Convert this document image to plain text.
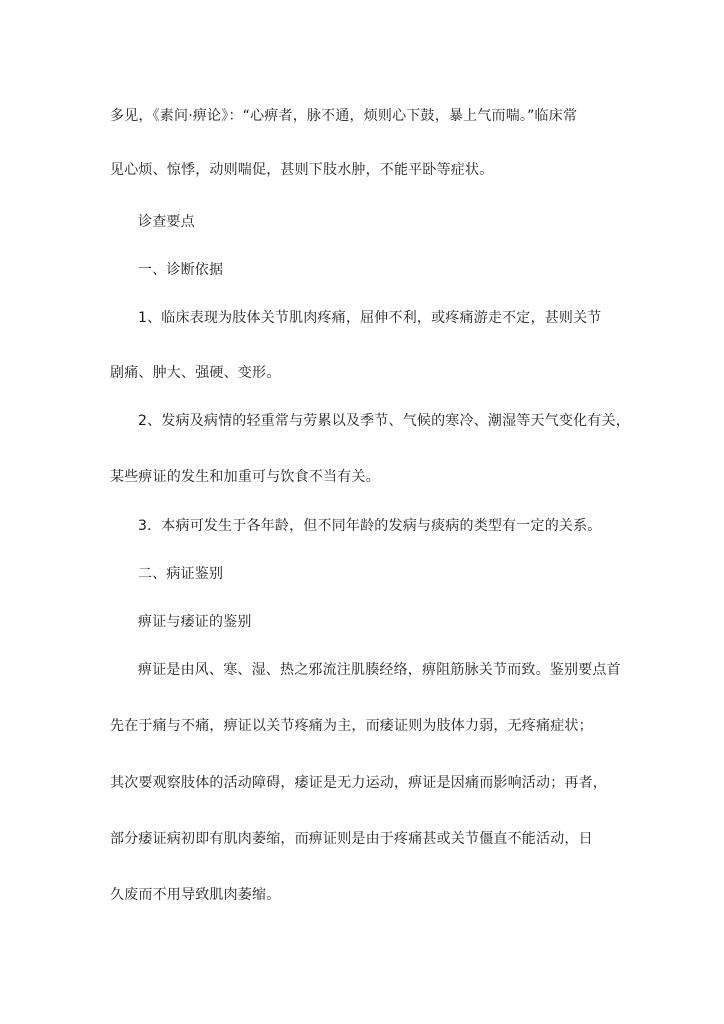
多见，《素问·痹论》：“心痹者，脉不通，烦则心下鼓，暴上气而喘。”临床常
见心烦、惊悸，动则喘促，甚则下肢水肿，不能平卧等症状。
诊查要点
一、诊断依据
1、临床表现为肢体关节肌肉疼痛，屈伸不利，或疼痛游走不定，甚则关节
剧痛、肿大、强硬、变形。
2、发病及病情的轻重常与劳累以及季节、气候的寒冷、潮湿等天气变化有关，
某些痹证的发生和加重可与饮食不当有关。
3．本病可发生于各年龄，但不同年龄的发病与痰病的类型有一定的关系。
二、病证鉴别
痹证与痿证的鉴别
痹证是由风、寒、湿、热之邪流注肌腠经络，痹阻筋脉关节而致。鉴别要点首
先在于痛与不痛，痹证以关节疼痛为主，而痿证则为肢体力弱，无疼痛症状；
其次要观察肢体的活动障碍，痿证是无力运动，痹证是因痛而影响活动；再者，
部分痿证病初即有肌肉萎缩，而痹证则是由于疼痛甚或关节僵直不能活动，日
久废而不用导致肌肉萎缩。
